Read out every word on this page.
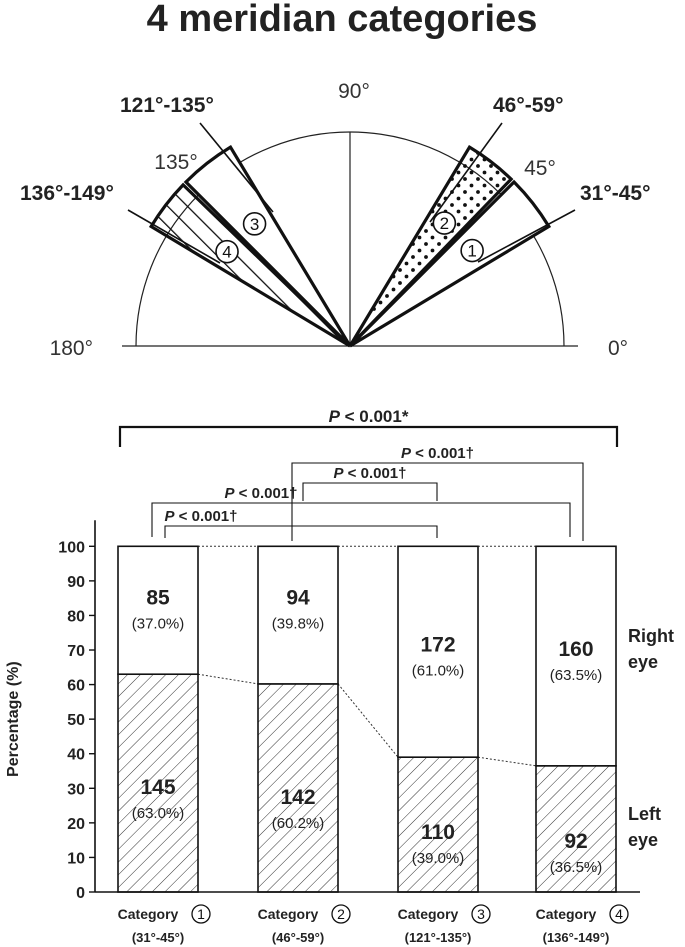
4 meridian categories
1
2
3
4
0°
45°
90°
135°
180°
31°-45°
46°-59°
121°-135°
136°-149°
0
10
20
30
40
50
60
70
80
90
100
Percentage (%)
85
(37.0%)
145
(63.0%)
Category 1
(31°-45°)
94
(39.8%)
142
(60.2%)
Category 2
(46°-59°)
172
(61.0%)
110
(39.0%)
Category 3
(121°-135°)
160
(63.5%)
92
(36.5%)
Category 4
(136°-149°)
Right
eye
Left
eye
P < 0.001*
P < 0.001†
P < 0.001†
P < 0.001†
P < 0.001†
